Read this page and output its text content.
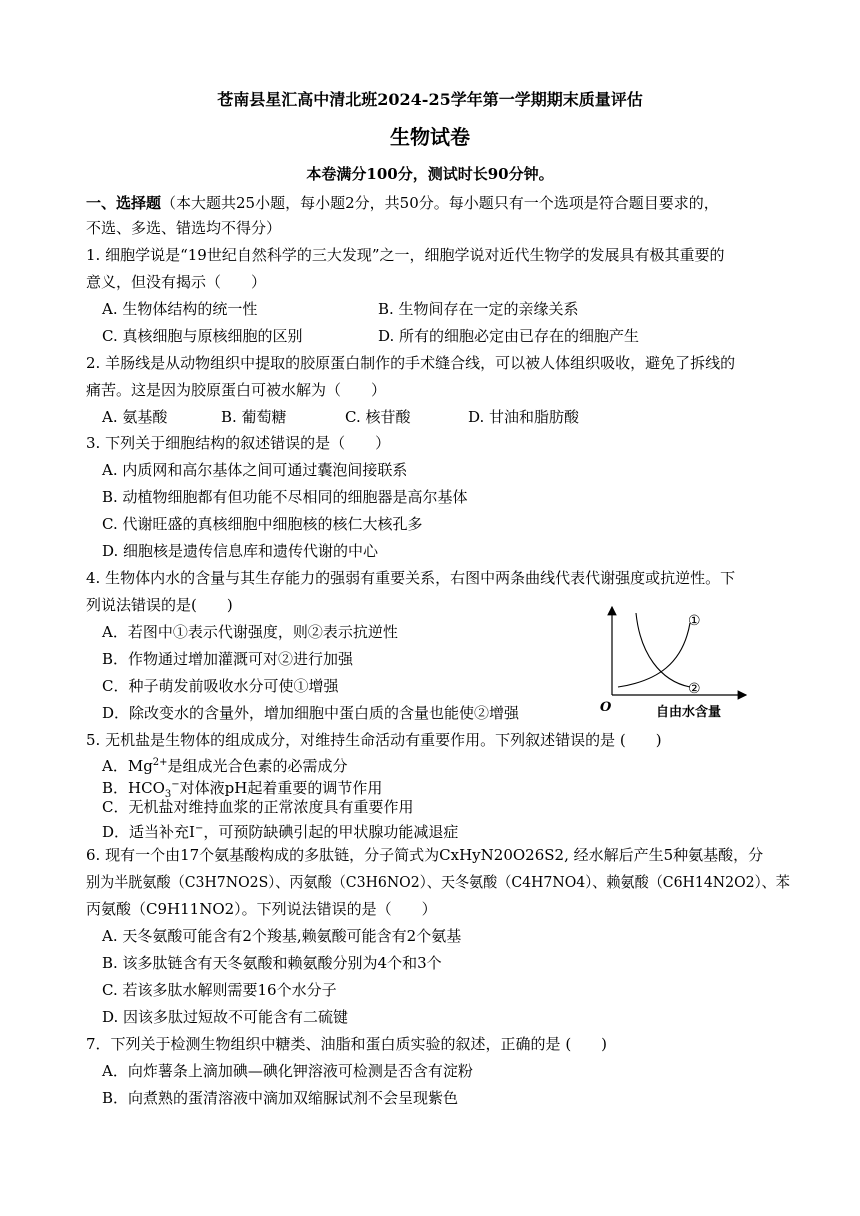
苍南县星汇高中清北班2024-25学年第一学期期末质量评估
生物试卷
本卷满分100分，测试时长90分钟。
一、选择题（本大题共25小题，每小题2分，共50分。每小题只有一个选项是符合题目要求的，
不选、多选、错选均不得分）
1. 细胞学说是“19世纪自然科学的三大发现”之一，细胞学说对近代生物学的发展具有极其重要的
意义，但没有揭示（　　）
A. 生物体结构的统一性	B. 生物间存在一定的亲缘关系
C. 真核细胞与原核细胞的区别	D. 所有的细胞必定由已存在的细胞产生
2. 羊肠线是从动物组织中提取的胶原蛋白制作的手术缝合线，可以被人体组织吸收，避免了拆线的
痛苦。这是因为胶原蛋白可被水解为（　　）
A. 氨基酸	B. 葡萄糖	C. 核苷酸	D. 甘油和脂肪酸
3. 下列关于细胞结构的叙述错误的是（　　）
A. 内质网和高尔基体之间可通过囊泡间接联系
B. 动植物细胞都有但功能不尽相同的细胞器是高尔基体
C. 代谢旺盛的真核细胞中细胞核的核仁大核孔多
D. 细胞核是遗传信息库和遗传代谢的中心
4. 生物体内水的含量与其生存能力的强弱有重要关系，右图中两条曲线代表代谢强度或抗逆性。下
列说法错误的是(　　)
A．若图中①表示代谢强度，则②表示抗逆性
B．作物通过增加灌溉可对②进行加强
C．种子萌发前吸收水分可使①增强
D．除改变水的含量外，增加细胞中蛋白质的含量也能使②增强
①
②
O	自由水含量
5. 无机盐是生物体的组成成分，对维持生命活动有重要作用。下列叙述错误的是 (　　)
A．$Mg^{2+}$是组成光合色素的必需成分
B．$HCO_3^-$对体液pH起着重要的调节作用
C．无机盐对维持血浆的正常浓度具有重要作用
D．适当补充I−，可预防缺碘引起的甲状腺功能减退症
6. 现有一个由17个氨基酸构成的多肽链，分子简式为CxHyN20O26S2, 经水解后产生5种氨基酸，分
别为半胱氨酸（C3H7NO2S）、丙氨酸（C3H6NO2）、天冬氨酸（C4H7NO4）、赖氨酸（C6H14N2O2）、苯
丙氨酸（C9H11NO2）。下列说法错误的是（　　）
A. 天冬氨酸可能含有2个羧基,赖氨酸可能含有2个氨基
B. 该多肽链含有天冬氨酸和赖氨酸分别为4个和3个
C. 若该多肽水解则需要16个水分子
D. 因该多肽过短故不可能含有二硫键
7．下列关于检测生物组织中糖类、油脂和蛋白质实验的叙述，正确的是 (　　)
A．向炸薯条上滴加碘—碘化钾溶液可检测是否含有淀粉
B．向煮熟的蛋清溶液中滴加双缩脲试剂不会呈现紫色
